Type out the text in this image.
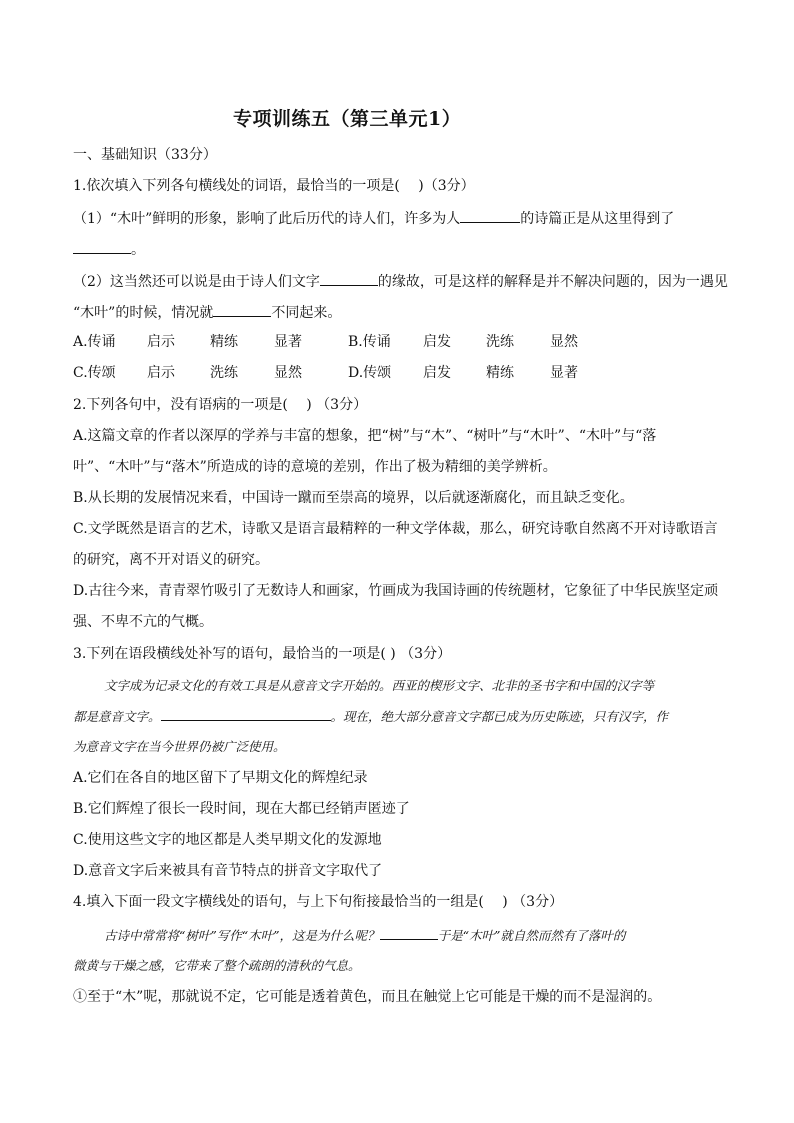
专项训练五（第三单元1）
一、基础知识（33分）
1.依次填入下列各句横线处的词语，最恰当的一项是(　 )（3分）
（1）“木叶”鲜明的形象，影响了此后历代的诗人们，许多为人	的诗篇正是从这里得到了
。
（2）这当然还可以说是由于诗人们文字	的缘故，可是这样的解释是并不解决问题的，因为一遇见
“木叶”的时候，情况就	不同起来。
A.传诵 启示	精练	显著	B.传诵 启发	洗练	显然
C.传颂 启示	洗练	显然	D.传颂 启发	精练	显著
2.下列各句中，没有语病的一项是(　 ) （3分）
A.这篇文章的作者以深厚的学养与丰富的想象，把“树”与“木”、“树叶”与“木叶”、“木叶”与“落
叶”、“木叶”与“落木”所造成的诗的意境的差别，作出了极为精细的美学辨析。
B.从长期的发展情况来看，中国诗一蹴而至崇高的境界，以后就逐渐腐化，而且缺乏变化。
C.文学既然是语言的艺术，诗歌又是语言最精粹的一种文学体裁，那么，研究诗歌自然离不开对诗歌语言
的研究，离不开对语义的研究。
D.古往今来，青青翠竹吸引了无数诗人和画家，竹画成为我国诗画的传统题材，它象征了中华民族坚定顽
强、不卑不亢的气概。
3.下列在语段横线处补写的语句，最恰当的一项是( ) （3分）
文字成为记录文化的有效工具是从意音文字开始的。西亚的楔形文字、北非的圣书字和中国的汉字等
都是意音文字。	。现在，绝大部分意音文字都已成为历史陈迹，只有汉字，作
为意音文字在当今世界仍被广泛使用。
A.它们在各自的地区留下了早期文化的辉煌纪录
B.它们辉煌了很长一段时间，现在大都已经销声匿迹了
C.使用这些文字的地区都是人类早期文化的发源地
D.意音文字后来被具有音节特点的拼音文字取代了
4.填入下面一段文字横线处的语句，与上下句衔接最恰当的一组是(　 ) （3分）
古诗中常常将“树叶”写作“木叶”，这是为什么呢？	于是“木叶”就自然而然有了落叶的
微黄与干燥之感，它带来了整个疏朗的清秋的气息。
①至于“木”呢，那就说不定，它可能是透着黄色，而且在触觉上它可能是干燥的而不是湿润的。
